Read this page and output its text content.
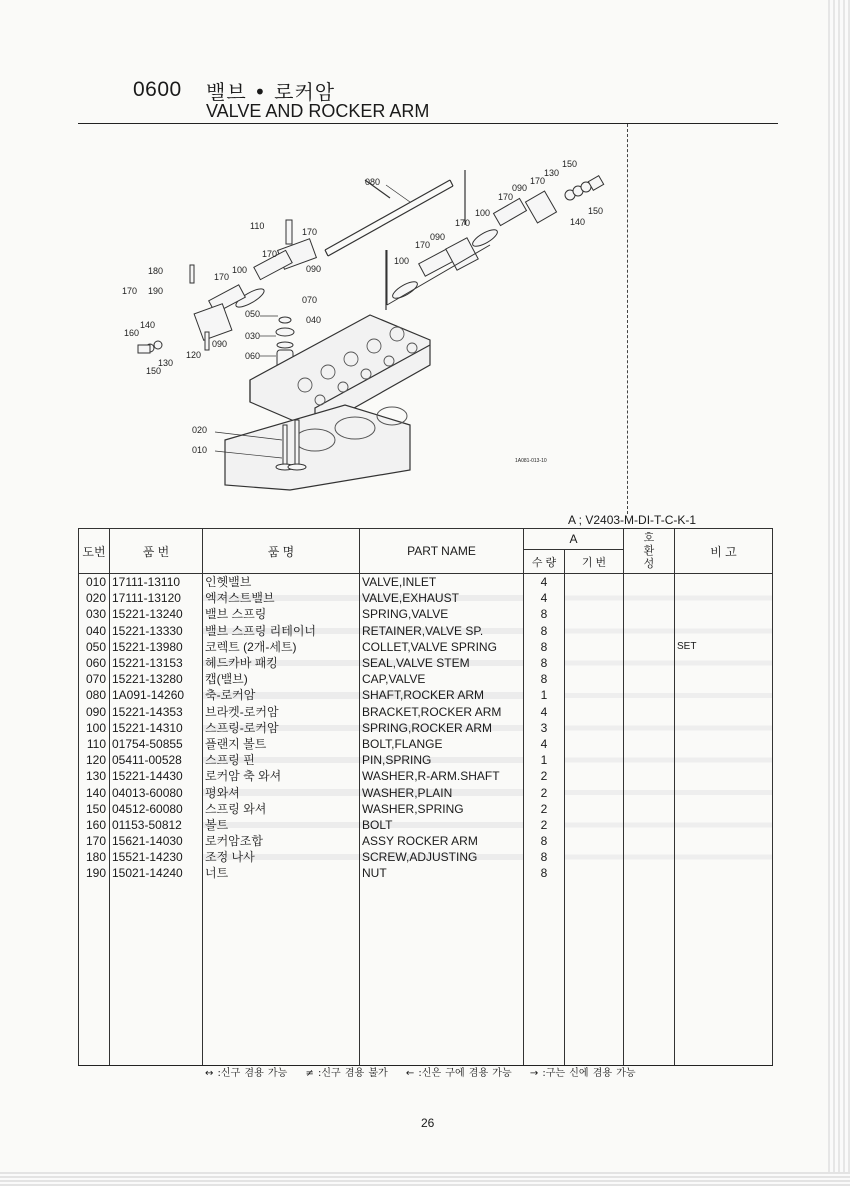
0600 밸브 • 로커암
VALVE AND ROCKER ARM
080
110
170
170
090
180
170 190
170
100
070
050
040
030
060
140
160
130
120
090
150
020
010
100
170
090
170
100
170
090
170
130
150
150
140
1A081-013-10
A ; V2403-M-DI-T-C-K-1
도번	품 번	품 명	PART NAME	A		호
환
성	비 고
				수 량	기 번		
010	17111-13110	인헷밸브	VALVE,INLET	4			
020	17111-13120	엑져스트밸브	VALVE,EXHAUST	4			
030	15221-13240	밸브 스프링	SPRING,VALVE	8			
040	15221-13330	밸브 스프링 리테이너	RETAINER,VALVE SP.	8			
050	15221-13980	코렉트 (2개-세트)	COLLET,VALVE SPRING	8			SET
060	15221-13153	헤드카바 패킹	SEAL,VALVE STEM	8			
070	15221-13280	캡(밸브)	CAP,VALVE	8			
080	1A091-14260	축-로커암	SHAFT,ROCKER ARM	1			
090	15221-14353	브라켓-로커암	BRACKET,ROCKER ARM	4			
100	15221-14310	스프링-로커암	SPRING,ROCKER ARM	3			
110	01754-50855	플랜지 볼트	BOLT,FLANGE	4			
120	05411-00528	스프링 핀	PIN,SPRING	1			
130	15221-14430	로커암 축 와셔	WASHER,R-ARM.SHAFT	2			
140	04013-60080	평와셔	WASHER,PLAIN	2			
150	04512-60080	스프링 와셔	WASHER,SPRING	2			
160	01153-50812	볼트	BOLT	2			
170	15621-14030	로커암조합	ASSY ROCKER ARM	8			
180	15521-14230	조정 나사	SCREW,ADJUSTING	8			
190	15021-14240	너트	NUT	8			

↔ :신구 겸용 가능 ≠ :신구 겸용 불가 ← :신은 구에 겸용 가능 → :구는 신에 겸용 가능
26
